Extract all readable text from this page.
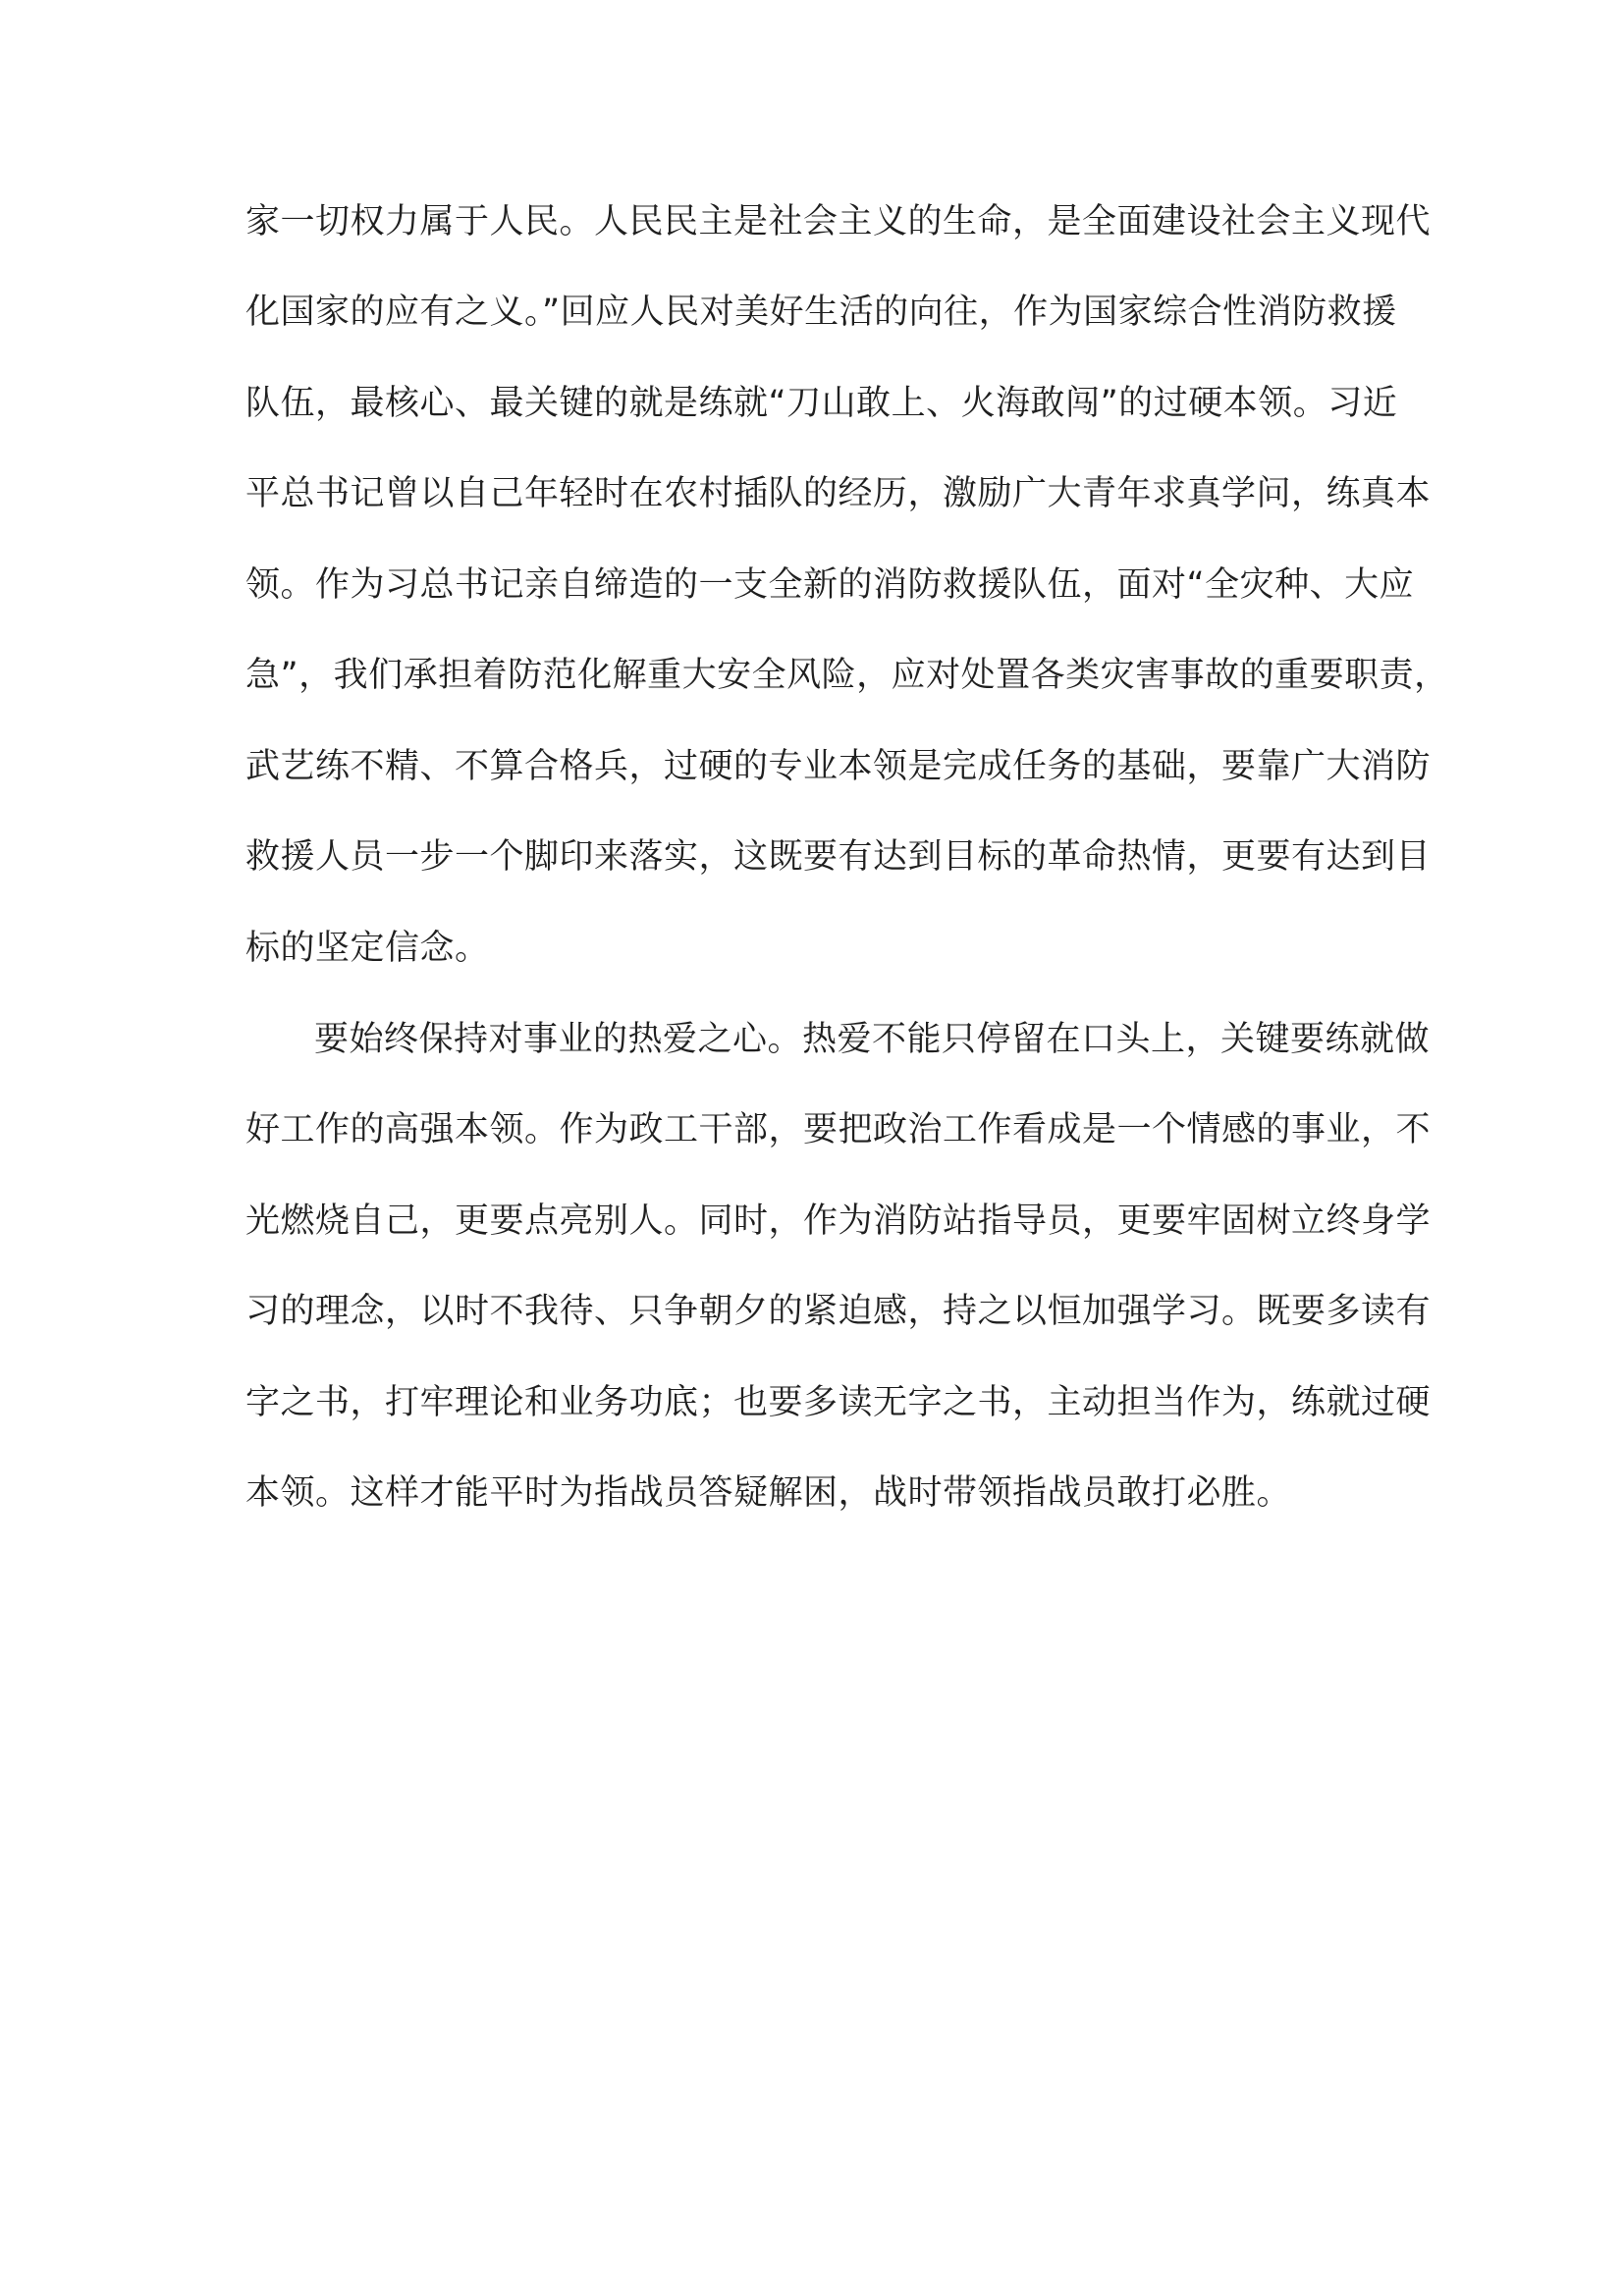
家一切权力属于人民。人民民主是社会主义的生命，是全面建设社会主义现代
化国家的应有之义。”回应人民对美好生活的向往，作为国家综合性消防救援
队伍，最核心、最关键的就是练就“刀山敢上、火海敢闯”的过硬本领。习近
平总书记曾以自己年轻时在农村插队的经历，激励广大青年求真学问，练真本
领。作为习总书记亲自缔造的一支全新的消防救援队伍，面对“全灾种、大应
急”，我们承担着防范化解重大安全风险，应对处置各类灾害事故的重要职责，
武艺练不精、不算合格兵，过硬的专业本领是完成任务的基础，要靠广大消防
救援人员一步一个脚印来落实，这既要有达到目标的革命热情，更要有达到目
标的坚定信念。
要始终保持对事业的热爱之心。热爱不能只停留在口头上，关键要练就做
好工作的高强本领。作为政工干部，要把政治工作看成是一个情感的事业，不
光燃烧自己，更要点亮别人。同时，作为消防站指导员，更要牢固树立终身学
习的理念，以时不我待、只争朝夕的紧迫感，持之以恒加强学习。既要多读有
字之书，打牢理论和业务功底；也要多读无字之书，主动担当作为，练就过硬
本领。这样才能平时为指战员答疑解困，战时带领指战员敢打必胜。
